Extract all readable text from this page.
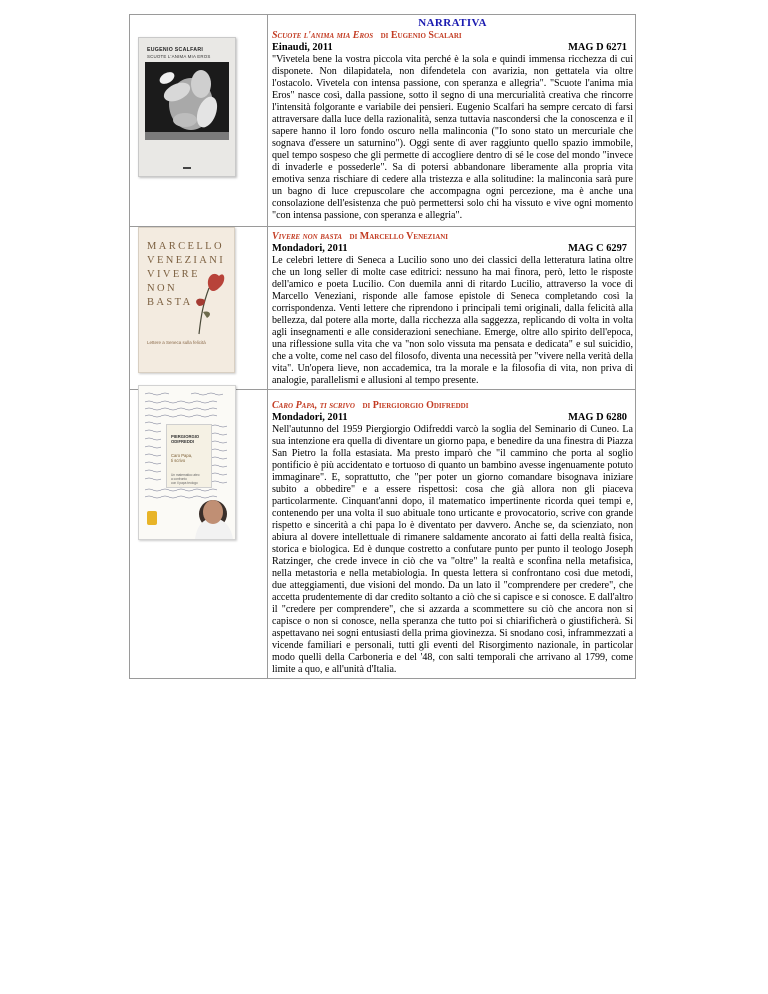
	NARRATIVA
Scuote l'anima mia Eros di Eugenio Scalari
Einaudi, 2011 MAG D 6271

"Vivetela bene la vostra piccola vita perché è la sola e quindi immensa ricchezza di cui disponete. Non dilapidatela, non difendetela con avarizia, non gettatela via oltre l'ostacolo. Vivetela con intensa passione, con speranza e allegria". "Scuote l'anima mia Eros" nasce così, dalla passione, sotto il segno di una mercurialità creativa che rincorre l'intensità folgorante e variabile dei pensieri. Eugenio Scalfari ha sempre cercato di farsi attraversare dalla luce della razionalità, senza tuttavia nascondersi che la conoscenza e il sapere hanno il loro fondo oscuro nella malinconia ("Io sono stato un mercuriale che sognava d'essere un saturnino"). Oggi sente di aver raggiunto quello spazio immobile, quel tempo sospeso che gli permette di accogliere dentro di sé le cose del mondo "invece di invaderle e possederle". Sa di potersi abbandonare liberamente alla propria vita emotiva senza rischiare di cedere alla tristezza e alla solitudine: la malinconia sarà pure un bagno di luce crepuscolare che accompagna ogni percezione, ma è anche una consolazione dell'esistenza che può permettersi solo chi ha vissuto e vive ogni momento "con intensa passione, con speranza e allegria".

	Vivere non basta di Marcello Veneziani
Mondadori, 2011 MAG C 6297

Le celebri lettere di Seneca a Lucilio sono uno dei classici della letteratura latina oltre che un long seller di molte case editrici: nessuno ha mai finora, però, letto le risposte dell'amico e poeta Lucilio. Con duemila anni di ritardo Lucilio, attraverso la voce di Marcello Veneziani, risponde alle famose epistole di Seneca completando così la corrispondenza. Venti lettere che riprendono i principali temi originali, dalla felicità alla bellezza, dal potere alla morte, dalla ricchezza alla saggezza, replicando di volta in volta agli insegnamenti e alle considerazioni senechiane. Emerge, oltre allo spirito dell'epoca, una riflessione sulla vita che va "non solo vissuta ma pensata e dedicata" e sul suicidio, che a volte, come nel caso del filosofo, diventa una necessità per "vivere nella verità della vita". Un'opera lieve, non accademica, tra la morale e la filosofia di vita, non priva di analogie, parallelismi e allusioni al tempo presente.

	Caro Papa, ti scrivo di Piergiorgio Odifreddi
Mondadori, 2011 MAG D 6280

Nell'autunno del 1959 Piergiorgio Odifreddi varcò la soglia del Seminario di Cuneo. La sua intenzione era quella di diventare un giorno papa, e benedire da una finestra di Piazza San Pietro la folla estasiata. Ma presto imparò che "il cammino che porta al soglio pontificio è più accidentato e tortuoso di quanto un bambino avesse ingenuamente potuto immaginare". E, soprattutto, che "per poter un giorno comandare bisognava iniziare subito a obbedire" e a essere rispettosi: cosa che già allora non gli piaceva particolarmente. Cinquant'anni dopo, il matematico impertinente ricorda quei tempi e, contenendo per una volta il suo abituale tono urticante e provocatorio, scrive con grande rispetto e sincerità a chi papa lo è diventato per davvero. Anche se, da scienziato, non abiura al dovere intellettuale di rimanere saldamente ancorato ai fatti della realtà fisica, storica e biologica. Ed è dunque costretto a confutare punto per punto il teologo Joseph Ratzinger, che crede invece in ciò che va "oltre" la realtà e sconfina nella metafisica, nella metastoria e nella metabiologia. In questa lettera si confrontano così due metodi, due atteggiamenti, due visioni del mondo. Da un lato il "comprendere per credere", che accetta prudentemente di dar credito soltanto a ciò che si capisce e si conosce. E dall'altro il "credere per comprendere", che si azzarda a scommettere su ciò che ancora non si capisce o non si conosce, nella speranza che tutto poi si chiarificherà o giustificherà. Si aspettavano nei sogni entusiasti della prima giovinezza. Si snodano così, inframmezzati a vicende familiari e personali, tutti gli eventi del Risorgimento nazionale, in particolar modo quelli della Carboneria e del '48, con salti temporali che arrivano al 1799, come limite a quo, e all'unità d'Italia.

EUGENIO SCALFARI
SCUOTE L'ANIMA MIA EROS
MARCELLO
VENEZIANI
VIVERE
NON
BASTA
Lettere a Seneca sulla felicità
PIERGIORGIO
ODIFREDDI
Caro Papa,
ti scrivo
Un matematico ateo
a confronto
con il papa teologo
